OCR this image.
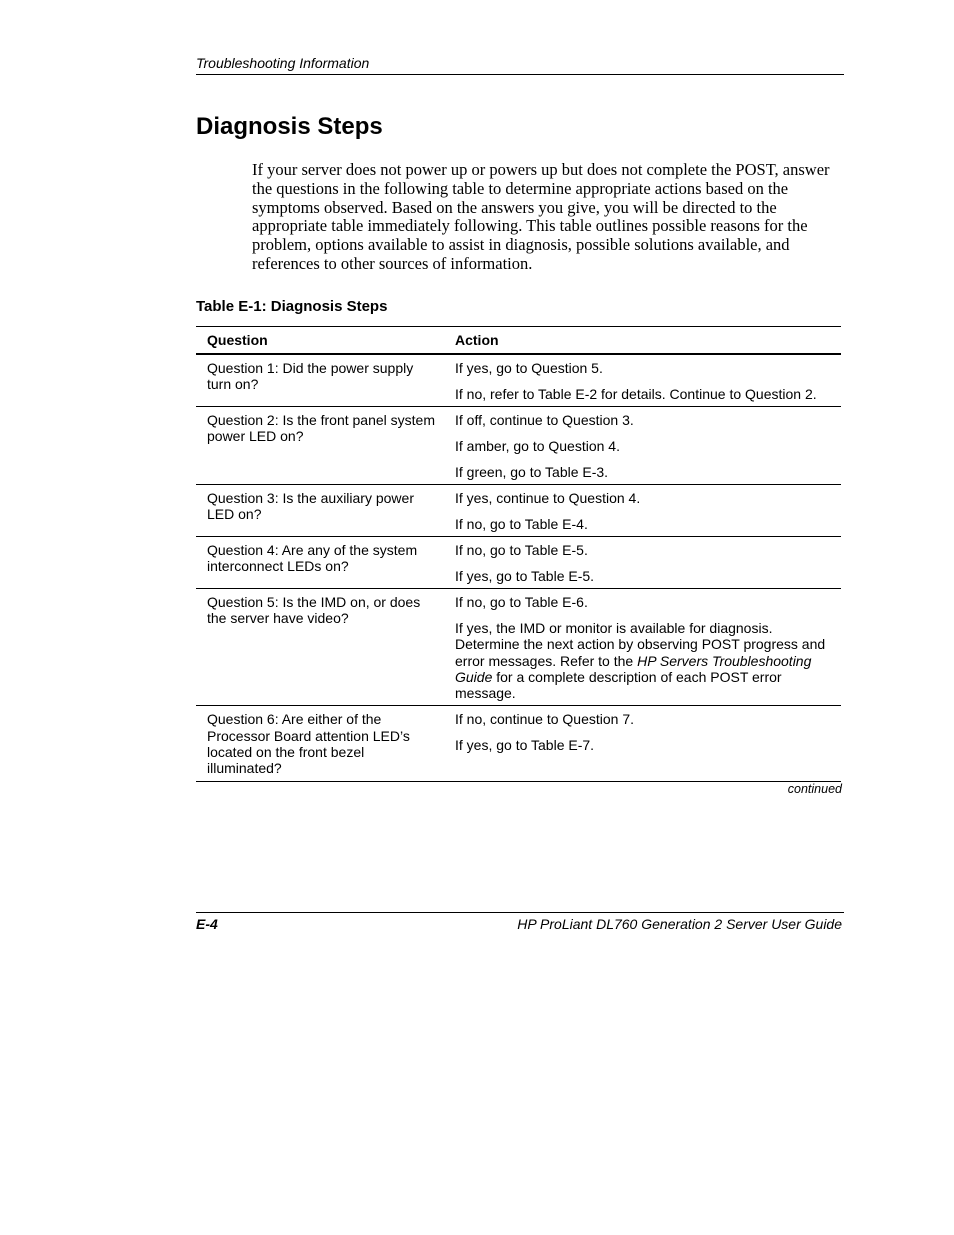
Troubleshooting Information
Diagnosis Steps

If your server does not power up or powers up but does not complete the POST, answer the questions in the following table to determine appropriate actions based on the symptoms observed. Based on the answers you give, you will be directed to the appropriate table immediately following. This table outlines possible reasons for the problem, options available to assist in diagnosis, possible solutions available, and references to other sources of information.

Table E-1: Diagnosis Steps

Question	Action
Question 1: Did the power supply turn on?	If yes, go to Question 5.
If no, refer to Table E-2 for details. Continue to Question 2.

Question 2: Is the front panel system power LED on?	If off, continue to Question 3.
If amber, go to Question 4.
If green, go to Table E-3.

Question 3: Is the auxiliary power LED on?	If yes, continue to Question 4.
If no, go to Table E-4.

Question 4: Are any of the system interconnect LEDs on?	If no, go to Table E-5.
If yes, go to Table E-5.

Question 5: Is the IMD on, or does the server have video?	If no, go to Table E-6.
If yes, the IMD or monitor is available for diagnosis. Determine the next action by observing POST progress and error messages. Refer to the HP Servers Troubleshooting Guide for a complete description of each POST error message.

Question 6: Are either of the Processor Board attention LED’s located on the front bezel illuminated?	If no, continue to Question 7.
If yes, go to Table E-7.
continued
E-4	HP ProLiant DL760 Generation 2 Server User Guide
